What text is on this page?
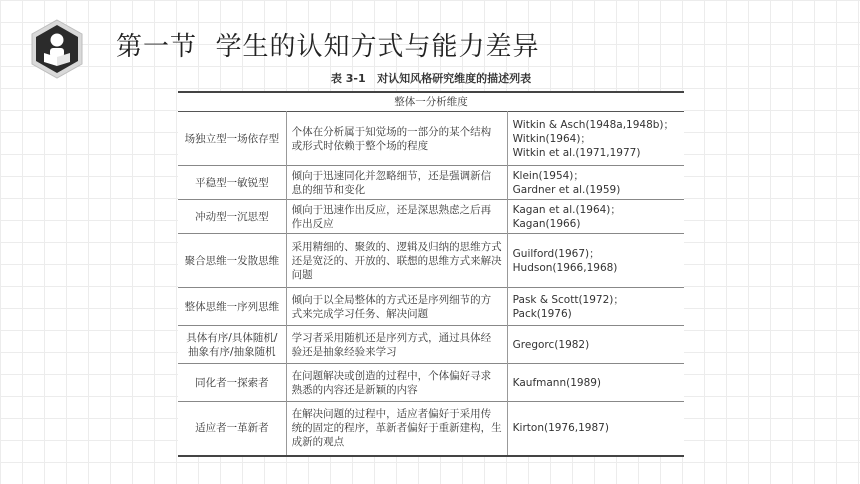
第一节  学生的认知方式与能力差异
表 3-1   对认知风格研究维度的描述列表
整体一分析维度		

场独立型一场依存型	个体在分析属于知觉场的一部分的某个结构
或形式时依赖于整个场的程度	Witkin & Asch(1948a,1948b)；
Witkin(1964)；
Witkin et al.(1971,1977)

平稳型一敏锐型	倾向于迅速同化并忽略细节，还是强调新信
息的细节和变化	Klein(1954)；
Gardner et al.(1959)

冲动型一沉思型	倾向于迅速作出反应，还是深思熟虑之后再
作出反应	Kagan et al.(1964)；
Kagan(1966)

聚合思维一发散思维	采用精细的、聚敛的、逻辑及归纳的思维方式
还是宽泛的、开放的、联想的思维方式来解决
问题	Guilford(1967)；
Hudson(1966,1968)

整体思维一序列思维	倾向于以全局整体的方式还是序列细节的方
式来完成学习任务、解决问题	Pask & Scott(1972)；
Pack(1976)

具体有序/具体随机/
抽象有序/抽象随机	学习者采用随机还是序列方式，通过具体经
验还是抽象经验来学习	Gregorc(1982)

同化者一探索者	在问题解决或创造的过程中，个体偏好寻求
熟悉的内容还是新颖的内容	Kaufmann(1989)

适应者一革新者	在解决问题的过程中，适应者偏好于采用传
统的固定的程序，革新者偏好于重新建构，生
成新的观点	Kirton(1976,1987)
